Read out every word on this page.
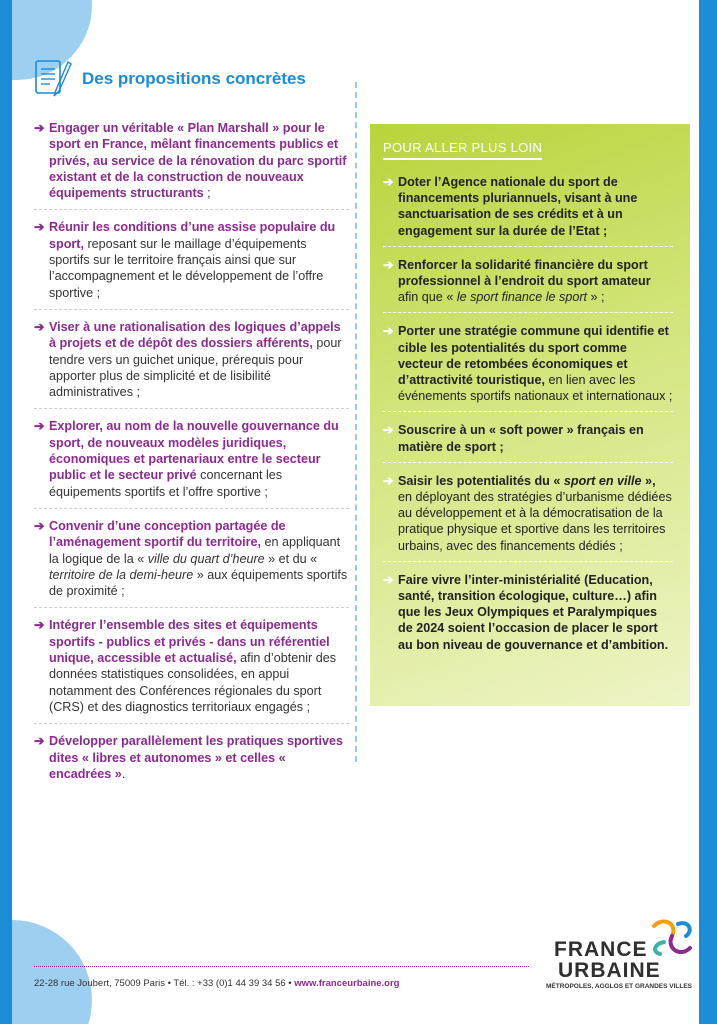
Des propositions concrètes
➔ Engager un véritable « Plan Marshall » pour le sport en France, mêlant financements publics et privés, au service de la rénovation du parc sportif existant et de la construction de nouveaux équipements structurants ;
➔ Réunir les conditions d’une assise populaire du sport, reposant sur le maillage d’équipements sportifs sur le territoire français ainsi que sur l’accompagnement et le développement de l’offre sportive ;
➔ Viser à une rationalisation des logiques d’appels à projets et de dépôt des dossiers afférents, pour tendre vers un guichet unique, prérequis pour apporter plus de simplicité et de lisibilité administratives ;
➔ Explorer, au nom de la nouvelle gouvernance du sport, de nouveaux modèles juridiques, économiques et partenariaux entre le secteur public et le secteur privé concernant les équipements sportifs et l’offre sportive ;
➔ Convenir d’une conception partagée de l’aménagement sportif du territoire, en appliquant la logique de la « ville du quart d’heure » et du « territoire de la demi-heure » aux équipements sportifs de proximité ;
➔ Intégrer l’ensemble des sites et équipements sportifs - publics et privés - dans un référentiel unique, accessible et actualisé, afin d’obtenir des données statistiques consolidées, en appui notamment des Conférences régionales du sport (CRS) et des diagnostics territoriaux engagés ;
➔ Développer parallèlement les pratiques sportives dites « libres et autonomes » et celles « encadrées ».
POUR ALLER PLUS LOIN
➔ Doter l’Agence nationale du sport de financements pluriannuels, visant à une sanctuarisation de ses crédits et à un engagement sur la durée de l’Etat ;
➔ Renforcer la solidarité financière du sport professionnel à l’endroit du sport amateur afin que « le sport finance le sport » ;
➔ Porter une stratégie commune qui identifie et cible les potentialités du sport comme vecteur de retombées économiques et d’attractivité touristique, en lien avec les événements sportifs nationaux et internationaux ;
➔ Souscrire à un « soft power » français en matière de sport ;
➔ Saisir les potentialités du « sport en ville », en déployant des stratégies d’urbanisme dédiées au développement et à la démocratisation de la pratique physique et sportive dans les territoires urbains, avec des financements dédiés ;
➔ Faire vivre l’inter-ministérialité (Education, santé, transition écologique, culture…) afin que les Jeux Olympiques et Paralympiques de 2024 soient l’occasion de placer le sport au bon niveau de gouvernance et d’ambition.
22-28 rue Joubert, 75009 Paris • Tél. : +33 (0)1 44 39 34 56 • www.franceurbaine.org
FRANCE
URBAINE
MÉTROPOLES, AGGLOS ET GRANDES VILLES
